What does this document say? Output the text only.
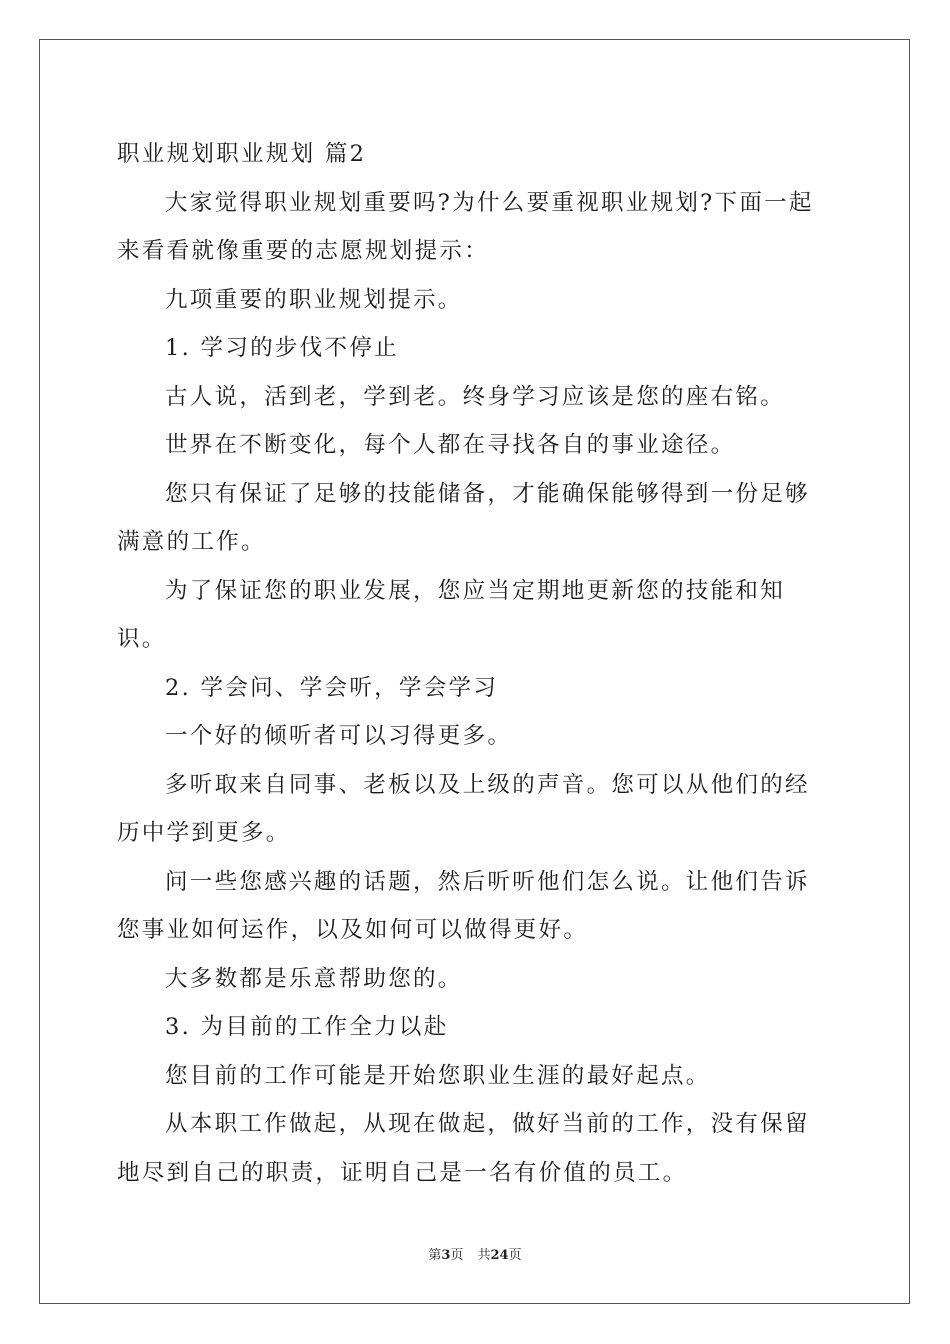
职业规划职业规划 篇2

大家觉得职业规划重要吗?为什么要重视职业规划?下面一起来看看就像重要的志愿规划提示：

九项重要的职业规划提示。

1. 学习的步伐不停止

古人说，活到老，学到老。终身学习应该是您的座右铭。

世界在不断变化，每个人都在寻找各自的事业途径。

您只有保证了足够的技能储备，才能确保能够得到一份足够满意的工作。

为了保证您的职业发展，您应当定期地更新您的技能和知识。

2. 学会问、学会听，学会学习

一个好的倾听者可以习得更多。

多听取来自同事、老板以及上级的声音。您可以从他们的经历中学到更多。

问一些您感兴趣的话题，然后听听他们怎么说。让他们告诉您事业如何运作，以及如何可以做得更好。

大多数都是乐意帮助您的。

3. 为目前的工作全力以赴

您目前的工作可能是开始您职业生涯的最好起点。

从本职工作做起，从现在做起，做好当前的工作，没有保留地尽到自己的职责，证明自己是一名有价值的员工。

第3页 共24页
